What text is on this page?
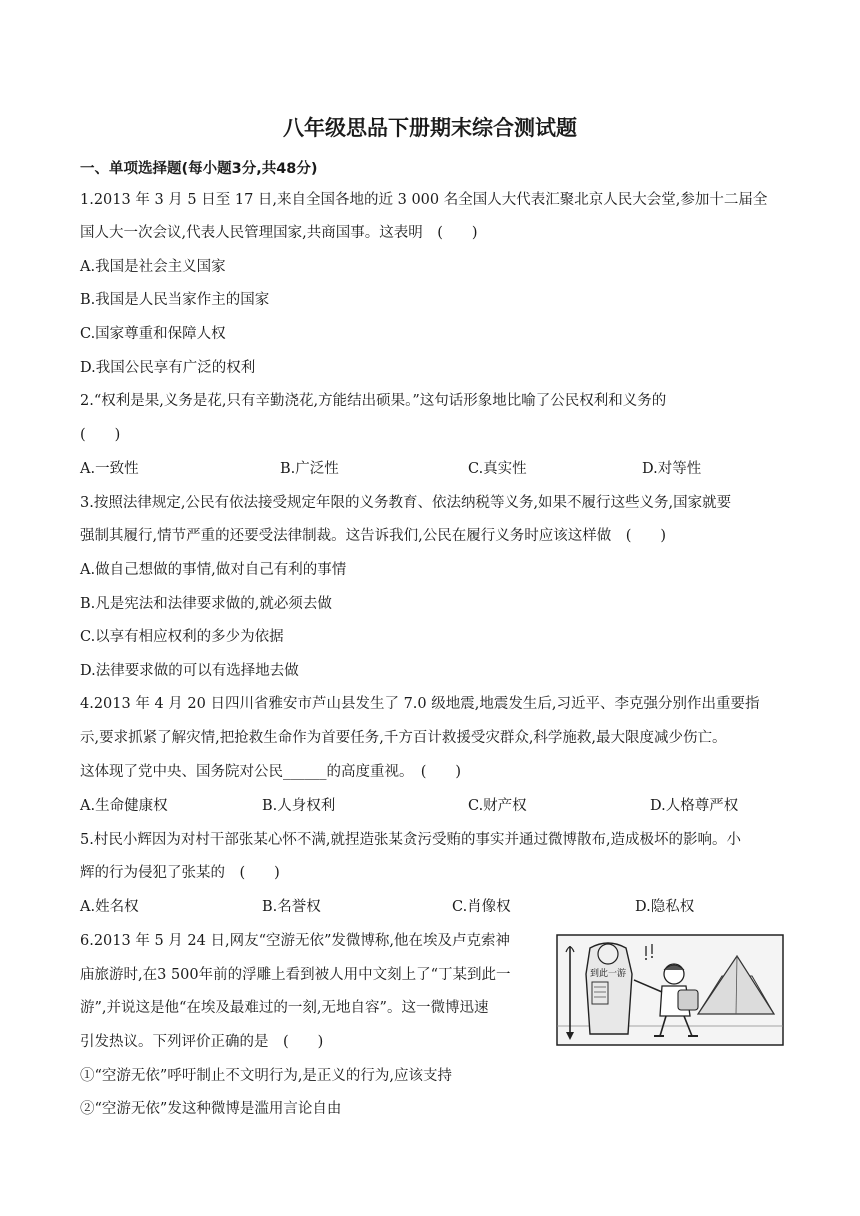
八年级思品下册期末综合测试题
一、单项选择题(每小题3分,共48分)
1.2013 年 3 月 5 日至 17 日,来自全国各地的近 3 000 名全国人大代表汇聚北京人民大会堂,参加十二届全
国人大一次会议,代表人民管理国家,共商国事。这表明　(　　)
A.我国是社会主义国家
B.我国是人民当家作主的国家
C.国家尊重和保障人权
D.我国公民享有广泛的权利
2.“权利是果,义务是花,只有辛勤浇花,方能结出硕果。”这句话形象地比喻了公民权利和义务的
(　　)
A.一致性	B.广泛性	C.真实性	D.对等性
3.按照法律规定,公民有依法接受规定年限的义务教育、依法纳税等义务,如果不履行这些义务,国家就要
强制其履行,情节严重的还要受法律制裁。这告诉我们,公民在履行义务时应该这样做　(　　)
A.做自己想做的事情,做对自己有利的事情
B.凡是宪法和法律要求做的,就必须去做
C.以享有相应权利的多少为依据
D.法律要求做的可以有选择地去做
4.2013 年 4 月 20 日四川省雅安市芦山县发生了 7.0 级地震,地震发生后,习近平、李克强分别作出重要指
示,要求抓紧了解灾情,把抢救生命作为首要任务,千方百计救援受灾群众,科学施救,最大限度减少伤亡。
这体现了党中央、国务院对公民______的高度重视。　(　　)
A.生命健康权	B.人身权利	C.财产权	D.人格尊严权
5.村民小辉因为对村干部张某心怀不满,就捏造张某贪污受贿的事实并通过微博散布,造成极坏的影响。小
辉的行为侵犯了张某的　(　　)
A.姓名权	B.名誉权	C.肖像权	D.隐私权
6.2013 年 5 月 24 日,网友“空游无依”发微博称,他在埃及卢克索神
庙旅游时,在3 500年前的浮雕上看到被人用中文刻上了“丁某到此一
游”,并说这是他“在埃及最难过的一刻,无地自容”。这一微博迅速
引发热议。下列评价正确的是　(　　)
①“空游无依”呼吁制止不文明行为,是正义的行为,应该支持
②“空游无依”发这种微博是滥用言论自由
到此一游
